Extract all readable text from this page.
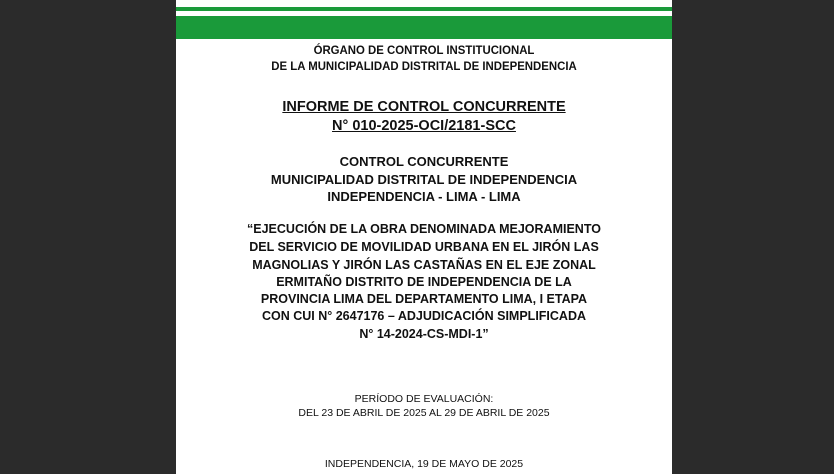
ÓRGANO DE CONTROL INSTITUCIONAL
DE LA MUNICIPALIDAD DISTRITAL DE INDEPENDENCIA
INFORME DE CONTROL CONCURRENTE
N° 010-2025-OCI/2181-SCC
CONTROL CONCURRENTE
MUNICIPALIDAD DISTRITAL DE INDEPENDENCIA
INDEPENDENCIA - LIMA - LIMA
“EJECUCIÓN DE LA OBRA DENOMINADA MEJORAMIENTO
DEL SERVICIO DE MOVILIDAD URBANA EN EL JIRÓN LAS
MAGNOLIAS Y JIRÓN LAS CASTAÑAS EN EL EJE ZONAL
ERMITAÑO DISTRITO DE INDEPENDENCIA DE LA
PROVINCIA LIMA DEL DEPARTAMENTO LIMA, I ETAPA
CON CUI N° 2647176 – ADJUDICACIÓN SIMPLIFICADA
N° 14-2024-CS-MDI-1”
PERÍODO DE EVALUACIÓN:
DEL 23 DE ABRIL DE 2025 AL 29 DE ABRIL DE 2025
INDEPENDENCIA, 19 DE MAYO DE 2025
